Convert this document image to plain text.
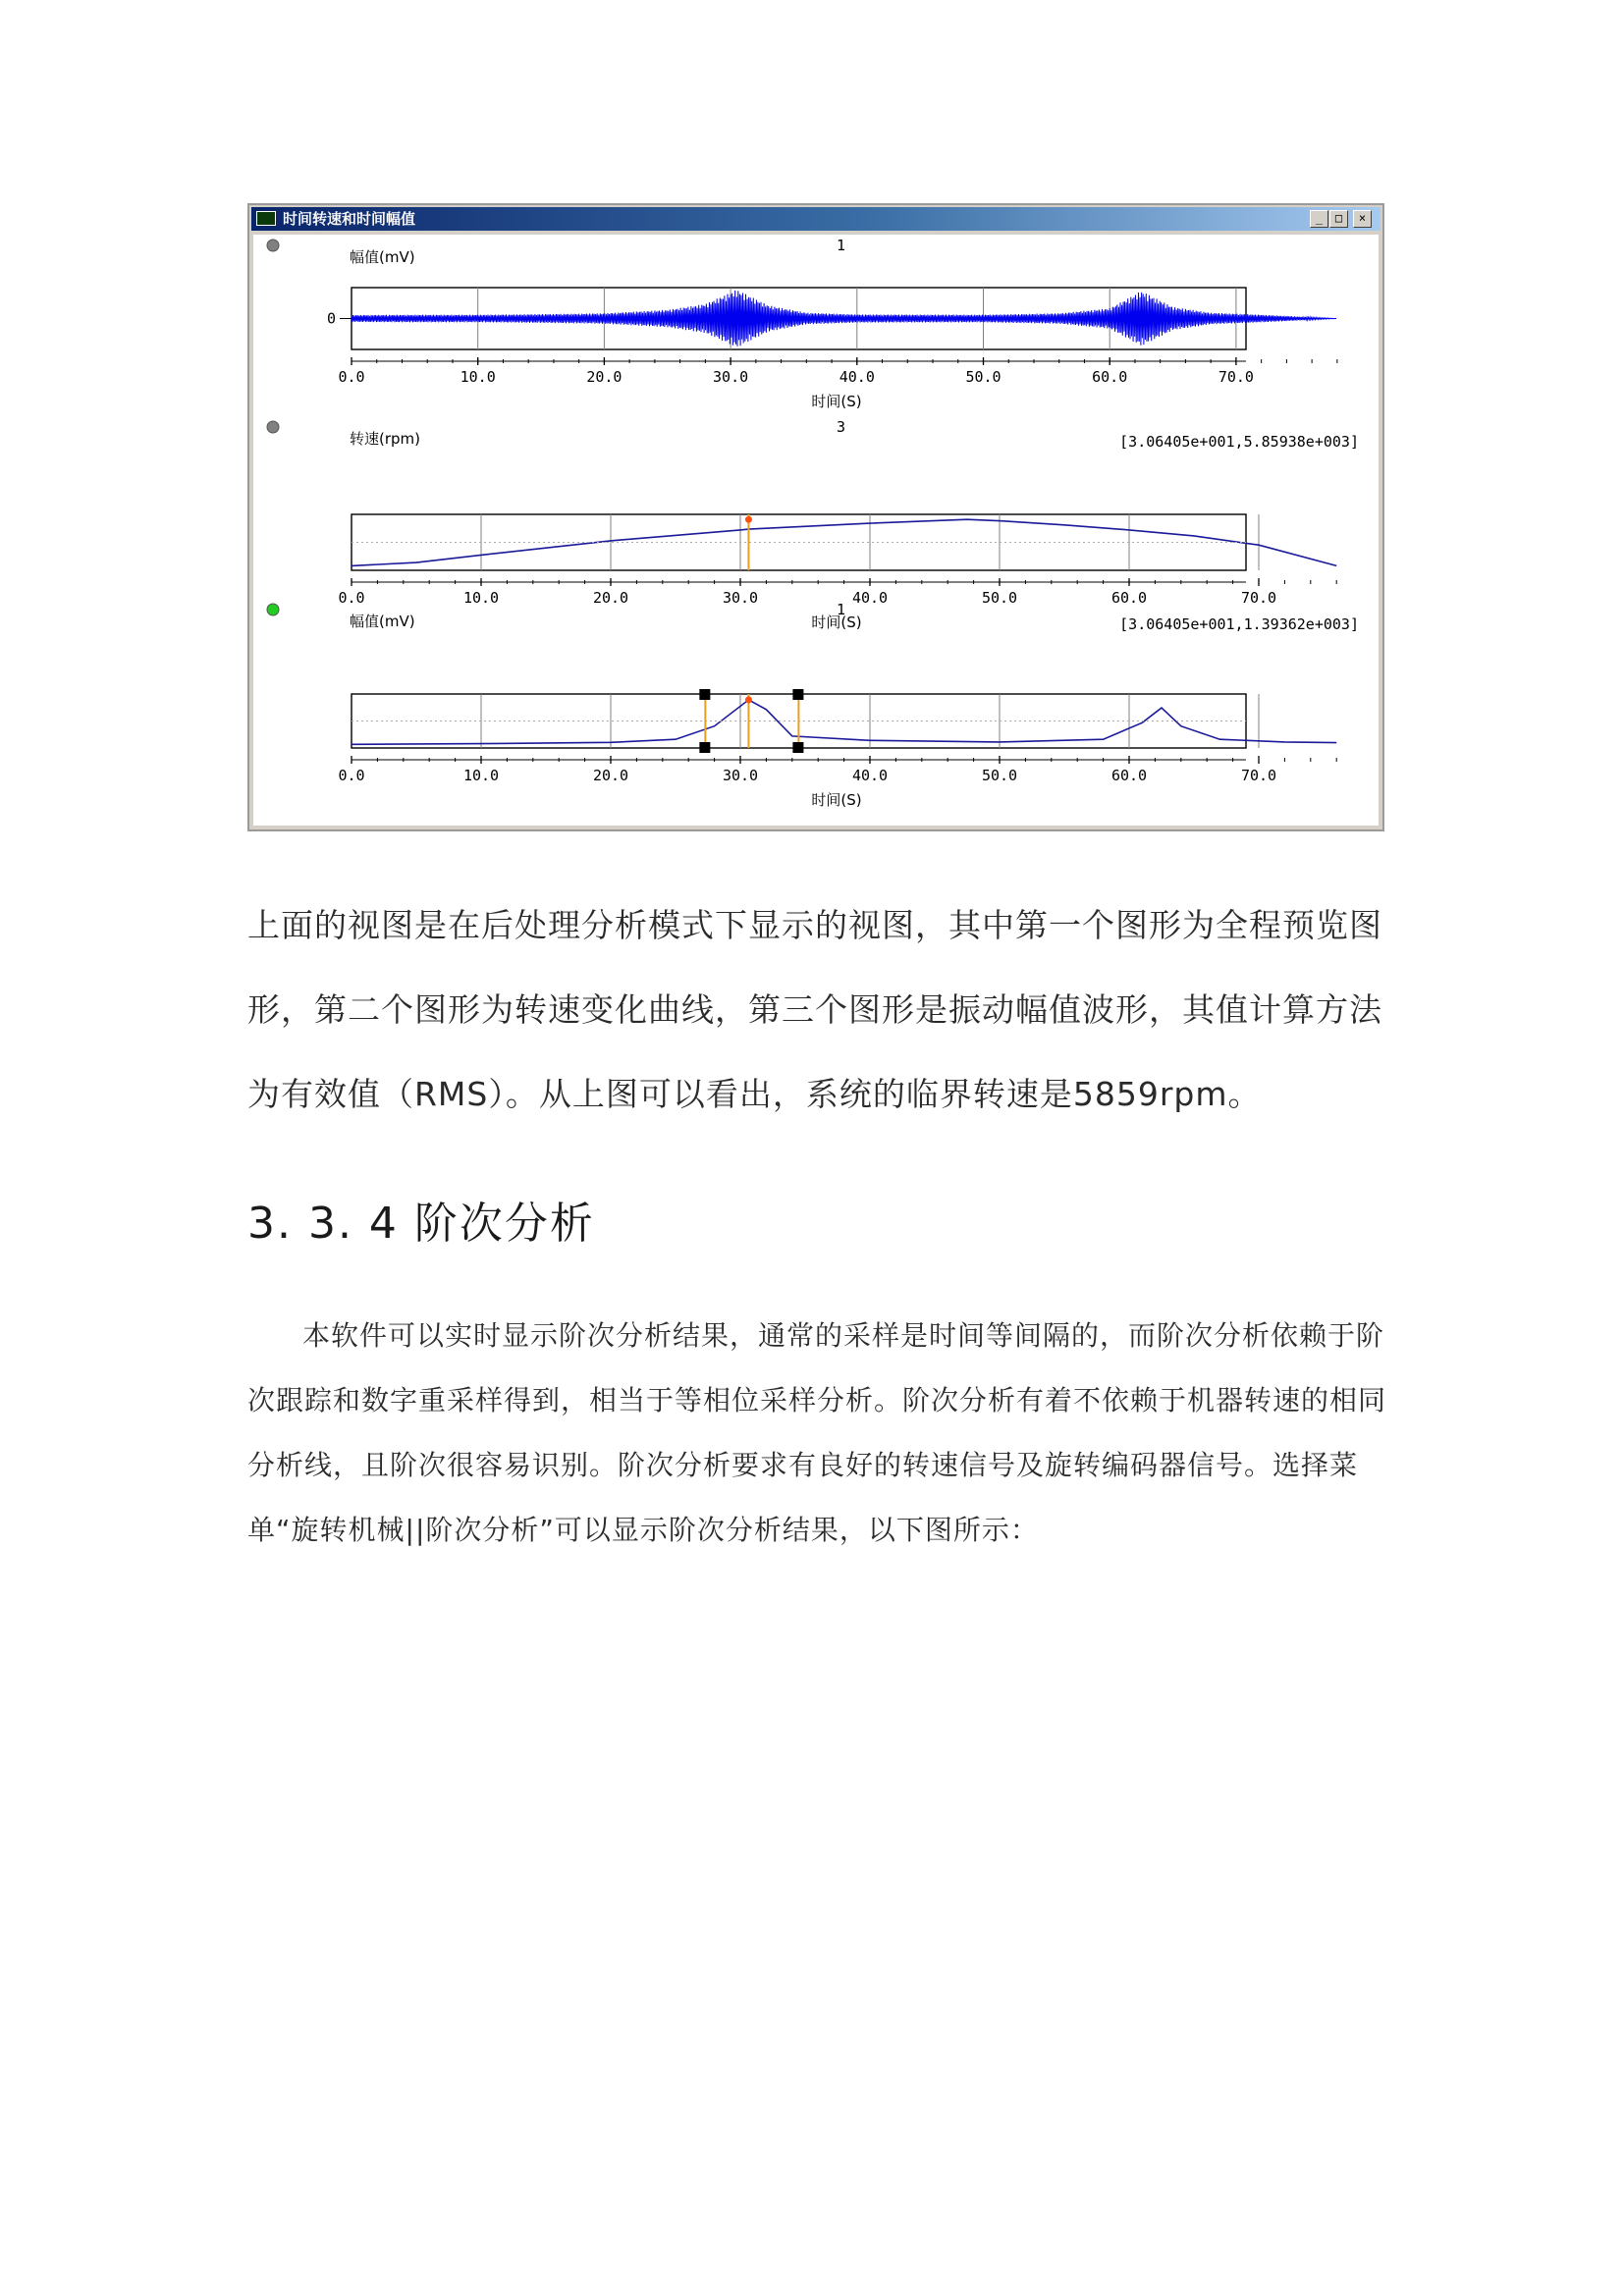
时间转速和时间幅值	_	□	×
幅值(mV)
1
0.0	10.0	20.0	30.0	40.0	50.0	60.0	70.0
时间(S)
转速(rpm)
3
[3.06405e+001,5.85938e+003]
0.0	10.0	20.0	30.0	40.0	50.0	60.0	70.0
时间(S)
幅值(mV)
1
[3.06405e+001,1.39362e+003]
0.0	10.0	20.0	30.0	40.0	50.0	60.0	70.0
时间(S)
0
上面的视图是在后处理分析模式下显示的视图，其中第一个图形为全程预览图形，第二个图形为转速变化曲线，第三个图形是振动幅值波形，其值计算方法为有效值（RMS）。从上图可以看出，系统的临界转速是5859rpm。
3. 3. 4 阶次分析
本软件可以实时显示阶次分析结果，通常的采样是时间等间隔的，而阶次分析依赖于阶次跟踪和数字重采样得到，相当于等相位采样分析。阶次分析有着不依赖于机器转速的相同分析线，且阶次很容易识别。阶次分析要求有良好的转速信号及旋转编码器信号。选择菜单“旋转机械||阶次分析”可以显示阶次分析结果，以下图所示：
